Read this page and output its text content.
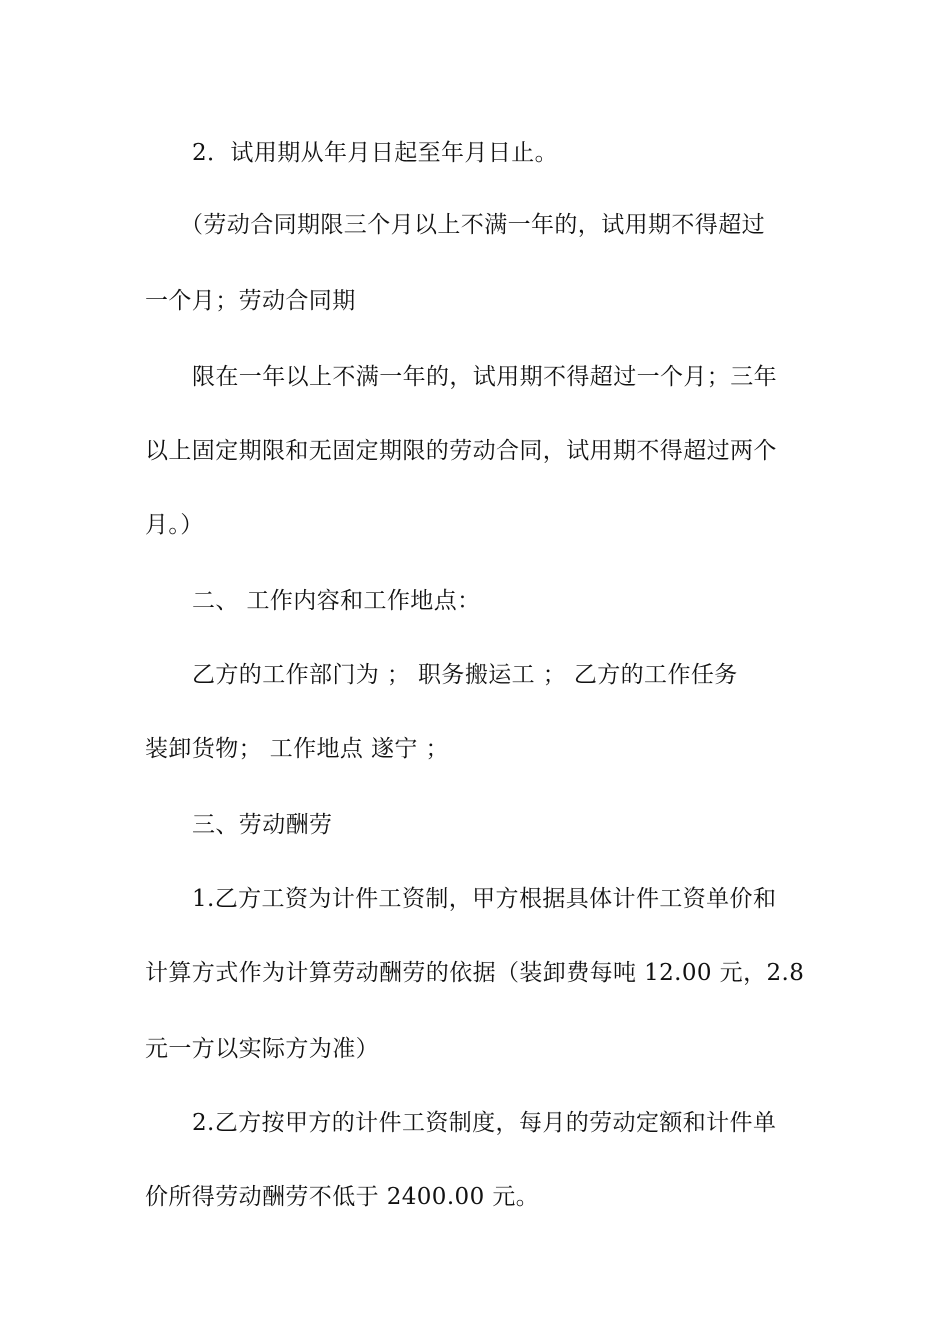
2．试用期从年月日起至年月日止。
（劳动合同期限三个月以上不满一年的，试用期不得超过
一个月；劳动合同期
限在一年以上不满一年的，试用期不得超过一个月；三年
以上固定期限和无固定期限的劳动合同，试用期不得超过两个
月。）
二、 工作内容和工作地点：
乙方的工作部门为 ； 职务搬运工 ； 乙方的工作任务
装卸货物； 工作地点 遂宁 ；
三、劳动酬劳
1.乙方工资为计件工资制，甲方根据具体计件工资单价和
计算方式作为计算劳动酬劳的依据（装卸费每吨 12.00 元，2.8
元一方以实际方为准）
2.乙方按甲方的计件工资制度，每月的劳动定额和计件单
价所得劳动酬劳不低于 2400.00 元。
